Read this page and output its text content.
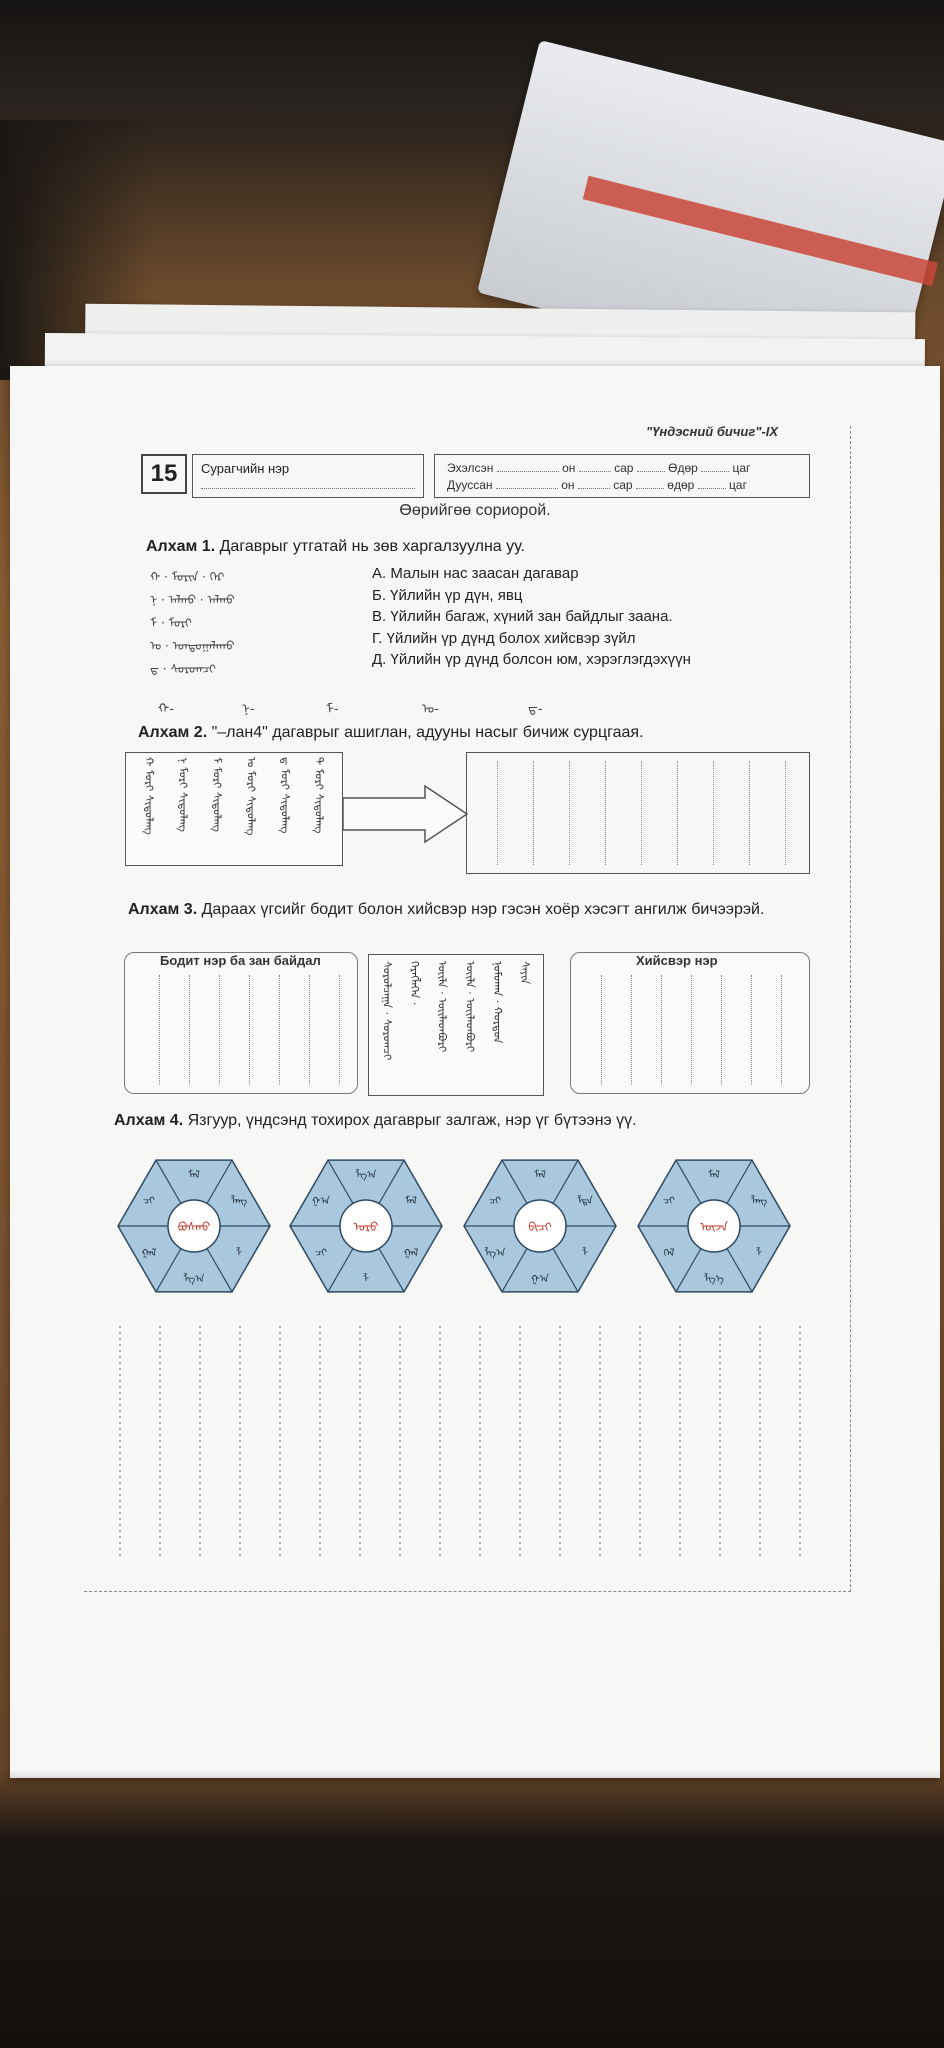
"Үндэсний бичиг"-IX
15	Сурагчийн нэр	Эхэлсэн	он	сар	Өдөр	цаг
Дууссан	он	сар	өдөр	цаг
Өөрийгөө сориорой.
Алхам 1. Дагаврыг утгатай нь зөв харгалзуулна уу.
ᠬ · ᠮᠣᠷᠢᠨ · ᠭᠡᠷ
ᠨ · ᠠᠯᠬᠤ · ᠠᠯᠬᠤ
ᠮ · ᠮᠣᠷᠢ
ᠣ · ᠤᠨᠳᠤᠭᠠᠯᠠᠬᠤ
ᠳ · ᠰᠤᠷᠤᠭᠴᠢ
А. Малын нас заасан дагавар
Б. Үйлийн үр дүн, явц
В. Үйлийн багаж, хүний зан байдлыг заана.
Г. Үйлийн үр дүнд болох хийсвэр зүйл
Д. Үйлийн үр дүнд болсон юм, хэрэглэгдэхүүн
ᠬ-	ᠨ-	ᠮ-	ᠣ-	ᠳ-
Алхам 2. "–лан4" дагаврыг ашиглан, адууны насыг бичиж сурцгаая.
ᠬ ᠮᠣᠷᠢ ᠰᠢᠳᠦᠯᠡᠩ ᠨ ᠮᠣᠷᠢ ᠰᠢᠳᠦᠯᠡᠩ ᠮ ᠮᠣᠷᠢ ᠰᠢᠳᠦᠯᠡᠩ ᠣ ᠮᠣᠷᠢ ᠰᠢᠳᠦᠯᠡᠩ ᠳ ᠮᠣᠷᠢ ᠰᠢᠳᠦᠯᠡᠩ ᠲ ᠮᠣᠷᠢ ᠰᠢᠳᠦᠯᠡᠩ
Алхам 3. Дараах үгсийг бодит болон хийсвэр нэр гэсэн хоёр хэсэгт ангилж бичээрэй.
Бодит нэр ба зан байдал
ᠰᠤᠷᠤᠯᠴᠠᠭᠠ · ᠰᠤᠷᠤᠭᠴᠢ ᠬᠡᠷᠡᠭᠯᠡᠭᠡᠨ · ᠦᠢᠯᠡ · ᠦᠢᠯᠡᠳᠪᠦᠷᠢ ᠦᠢᠯᠡ · ᠦᠢᠯᠡᠳᠪᠦᠷᠢ ᠨᠣᠮᠤᠬᠠᠨ · ᠬᠤᠷᠳᠤᠨ ᠰᠠᠶᠢᠨ
Хийсвэр нэр
Алхам 4. Язгуур, үндсэнд тохирох дагаврыг залгаж, нэр үг бүтээнэ үү.
ᠪᠣᠰᠬᠤ
ᠯ
ᠯᠭ᠎ᠠ
ᠭᠠᠯ
ᠴᠢ
ᠮᠠᠯ
ᠯᠠᠩ
ᠣᠷᠤ
ᠭᠠᠯ
ᠯ
ᠴᠢ
ᠭ᠎ᠠ
ᠯᠭ᠎ᠠ
ᠮᠠᠯ
ᠪᠢᠴᠢ
ᠯ
ᠭ᠎ᠠ
ᠯᠭ᠎ᠠ
ᠴᠢ
ᠮᠠᠯ
ᠯᠳᠡ
ᠦᠵᠡ
ᠯ
ᠯᠭ᠎ᠡ
ᠭᠡᠯ
ᠴᠢ
ᠮᠡᠯ
ᠯᠡᠩ
